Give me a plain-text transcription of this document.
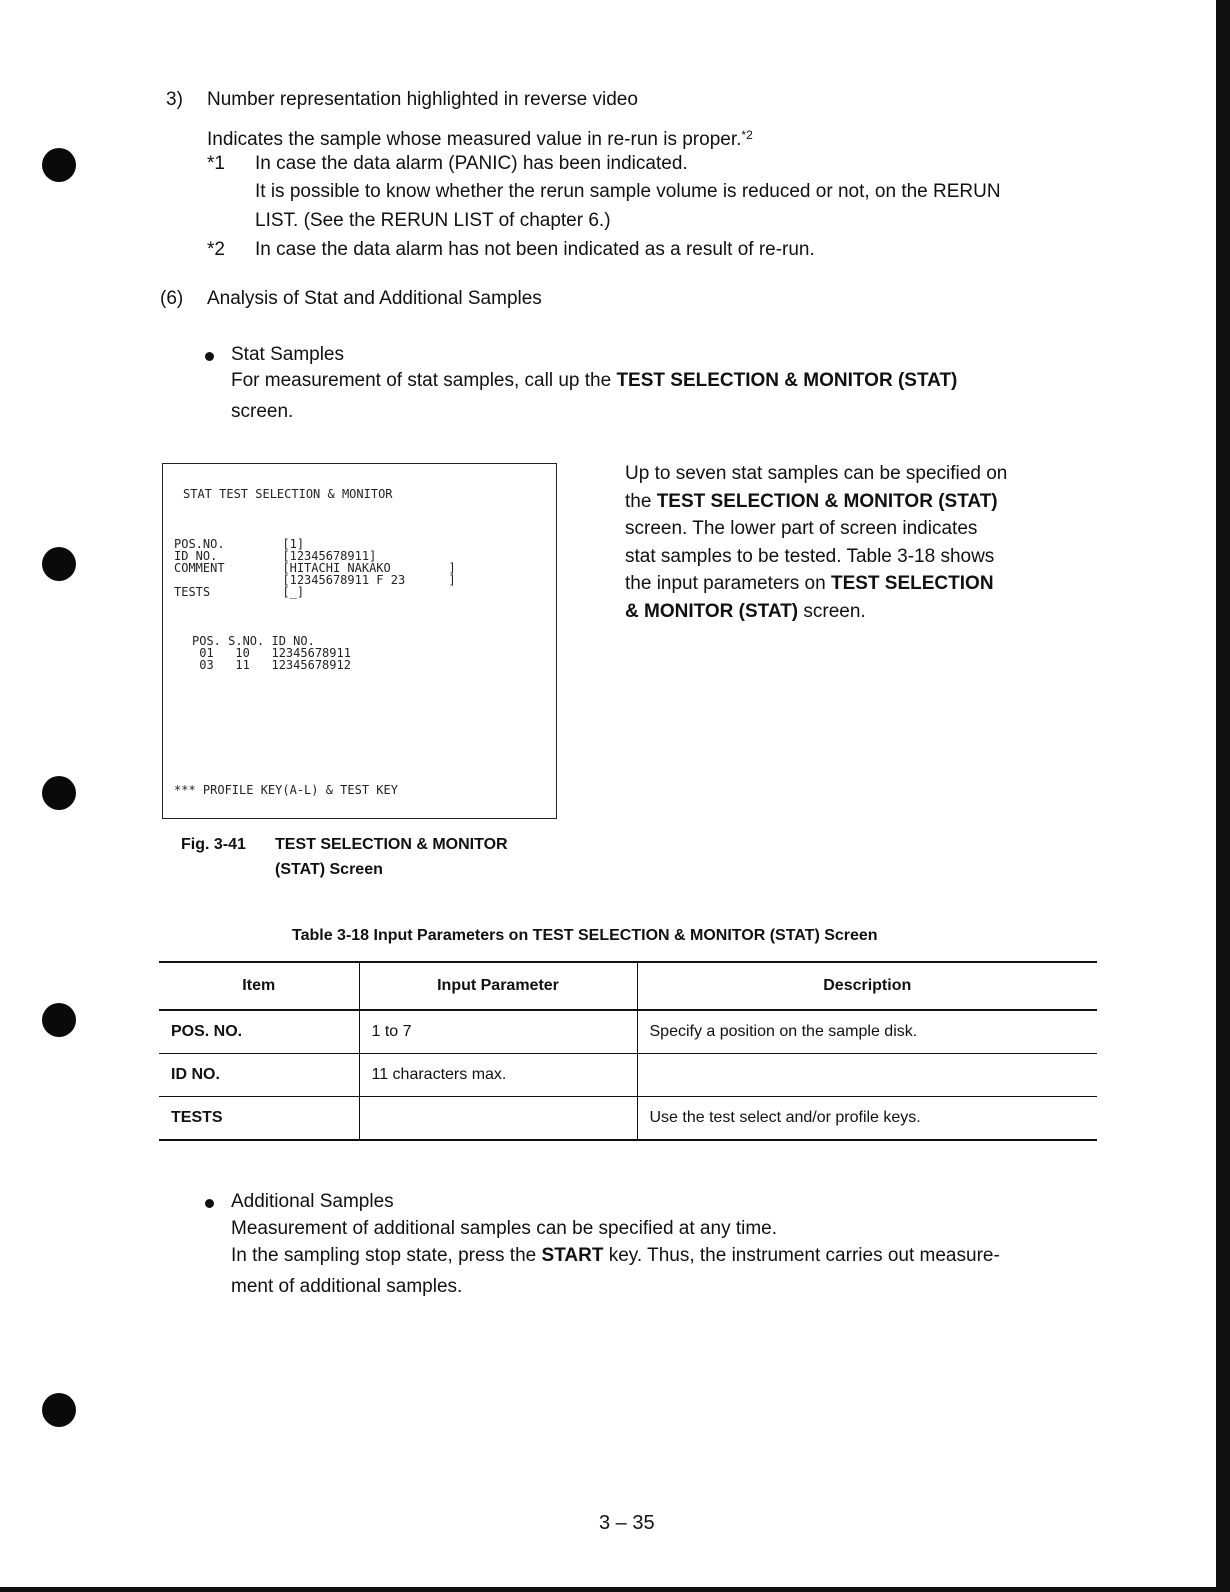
3) Number representation highlighted in reverse video
Indicates the sample whose measured value in re-run is proper.$^{*2}$
*1 In case the data alarm (PANIC) has been indicated.
It is possible to know whether the rerun sample volume is reduced or not, on the RERUN
LIST. (See the RERUN LIST of chapter 6.)
*2 In case the data alarm has not been indicated as a result of re-run.
(6) Analysis of Stat and Additional Samples
Stat Samples
For measurement of stat samples, call up the TEST SELECTION & MONITOR (STAT)
screen.
STAT TEST SELECTION & MONITOR
POS.NO.        [1]
ID NO.         [12345678911]
COMMENT        [HITACHI NAKAKO        ]
[12345678911 F 23      ]
TESTS          [_]
POS. S.NO. ID NO.
01   10   12345678911
03   11   12345678912
*** PROFILE KEY(A-L) & TEST KEY
Fig. 3-41 TEST SELECTION & MONITOR
(STAT) Screen
Up to seven stat samples can be specified on
the TEST SELECTION & MONITOR (STAT)
screen. The lower part of screen indicates
stat samples to be tested. Table 3-18 shows
the input parameters on TEST SELECTION
& MONITOR (STAT) screen.
Table 3-18 Input Parameters on TEST SELECTION & MONITOR (STAT) Screen
Item	Input Parameter	Description
POS. NO.	1 to 7	Specify a position on the sample disk.
ID NO.	11 characters max.	
TESTS		Use the test select and/or profile keys.
Additional Samples
Measurement of additional samples can be specified at any time.
In the sampling stop state, press the START key. Thus, the instrument carries out measure-
ment of additional samples.
3 – 35
